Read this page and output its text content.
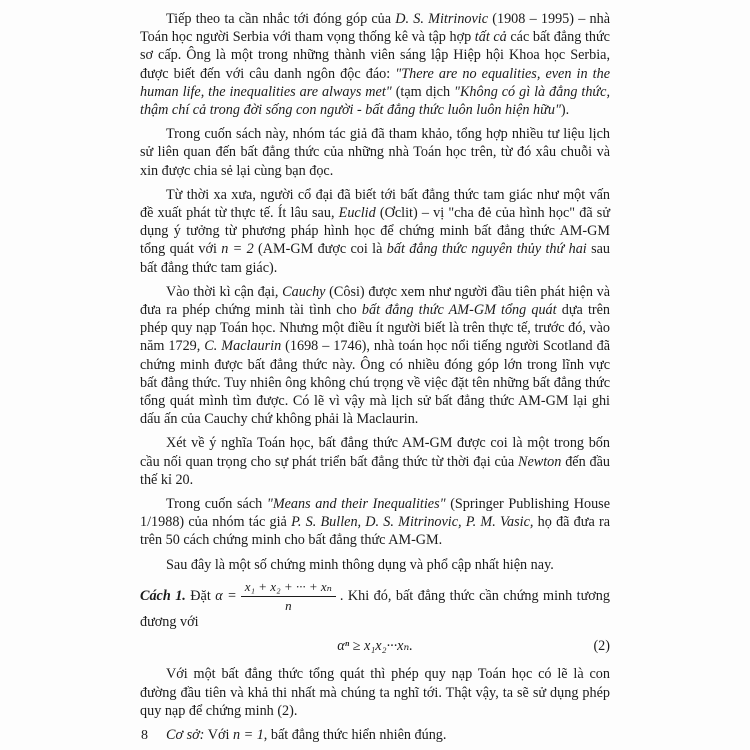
Tiếp theo ta cần nhắc tới đóng góp của D. S. Mitrinovic (1908 – 1995) – nhà Toán học người Serbia với tham vọng thống kê và tập hợp tất cả các bất đẳng thức sơ cấp. Ông là một trong những thành viên sáng lập Hiệp hội Khoa học Serbia, được biết đến với câu danh ngôn độc đáo: "There are no equalities, even in the human life, the inequalities are always met" (tạm dịch "Không có gì là đẳng thức, thậm chí cả trong đời sống con người - bất đẳng thức luôn luôn hiện hữu").

Trong cuốn sách này, nhóm tác giả đã tham khảo, tổng hợp nhiều tư liệu lịch sử liên quan đến bất đẳng thức của những nhà Toán học trên, từ đó xâu chuỗi và xin được chia sẻ lại cùng bạn đọc.

Từ thời xa xưa, người cổ đại đã biết tới bất đẳng thức tam giác như một vấn đề xuất phát từ thực tế. Ít lâu sau, Euclid (Ơclit) – vị "cha đẻ của hình học" đã sử dụng ý tưởng từ phương pháp hình học để chứng minh bất đẳng thức AM-GM tổng quát với n = 2 (AM-GM được coi là bất đẳng thức nguyên thủy thứ hai sau bất đẳng thức tam giác).

Vào thời kì cận đại, Cauchy (Côsi) được xem như người đầu tiên phát hiện và đưa ra phép chứng minh tài tình cho bất đẳng thức AM-GM tổng quát dựa trên phép quy nạp Toán học. Nhưng một điều ít người biết là trên thực tế, trước đó, vào năm 1729, C. Maclaurin (1698 – 1746), nhà toán học nổi tiếng người Scotland đã chứng minh được bất đẳng thức này. Ông có nhiều đóng góp lớn trong lĩnh vực bất đẳng thức. Tuy nhiên ông không chú trọng về việc đặt tên những bất đẳng thức tổng quát mình tìm được. Có lẽ vì vậy mà lịch sử bất đẳng thức AM-GM lại ghi dấu ấn của Cauchy chứ không phải là Maclaurin.

Xét về ý nghĩa Toán học, bất đẳng thức AM-GM được coi là một trong bốn cầu nối quan trọng cho sự phát triển bất đẳng thức từ thời đại của Newton đến đầu thế kỉ 20.

Trong cuốn sách "Means and their Inequalities" (Springer Publishing House 1/1988) của nhóm tác giả P. S. Bullen, D. S. Mitrinovic, P. M. Vasic, họ đã đưa ra trên 50 cách chứng minh cho bất đẳng thức AM-GM.

Sau đây là một số chứng minh thông dụng và phổ cập nhất hiện nay.

Cách 1. Đặt $\alpha = \frac{\text{x₁ + x₂ + ··· + xₙ}}{n}$ . Khi đó, bất đẳng thức cần chứng minh tương đương với

αⁿ ≥ x₁x₂···xₙ.	(2)

Với một bất đẳng thức tổng quát thì phép quy nạp Toán học có lẽ là con đường đầu tiên và khả thi nhất mà chúng ta nghĩ tới. Thật vậy, ta sẽ sử dụng phép quy nạp để chứng minh (2).

Cơ sở: Với n = 1, bất đẳng thức hiển nhiên đúng.

8
